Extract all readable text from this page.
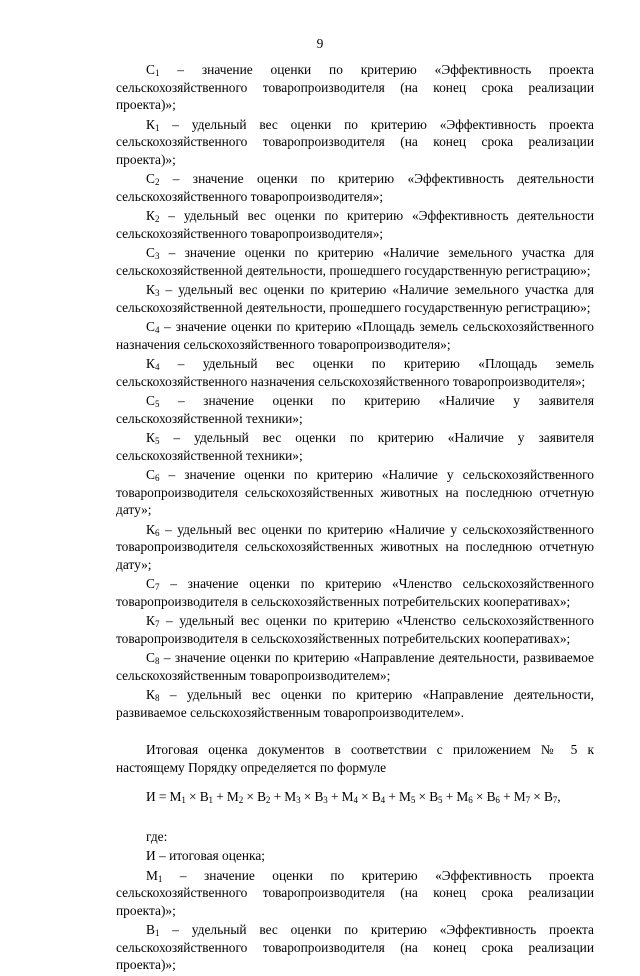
9

$С_1$ – значение оценки по критерию «Эффективность проекта сельскохозяйственного товаропроизводителя (на конец срока реализации проекта)»;

$К_1$ – удельный вес оценки по критерию «Эффективность проекта сельскохозяйственного товаропроизводителя (на конец срока реализации проекта)»;

$С_2$ – значение оценки по критерию «Эффективность деятельности сельскохозяйственного товаропроизводителя»;

$К_2$ – удельный вес оценки по критерию «Эффективность деятельности сельскохозяйственного товаропроизводителя»;

$С_3$ – значение оценки по критерию «Наличие земельного участка для сельскохозяйственной деятельности, прошедшего государственную регистрацию»;

$К_3$ – удельный вес оценки по критерию «Наличие земельного участка для сельскохозяйственной деятельности, прошедшего государственную регистрацию»;

$С_4$ – значение оценки по критерию «Площадь земель сельскохозяйственного назначения сельскохозяйственного товаропроизводителя»;

$К_4$ – удельный вес оценки по критерию «Площадь земель сельскохозяйственного назначения сельскохозяйственного товаропроизводителя»;

$С_5$ – значение оценки по критерию «Наличие у заявителя сельскохозяйственной техники»;

$К_5$ – удельный вес оценки по критерию «Наличие у заявителя сельскохозяйственной техники»;

$С_6$ – значение оценки по критерию «Наличие у сельскохозяйственного товаропроизводителя сельскохозяйственных животных на последнюю отчетную дату»;

$К_6$ – удельный вес оценки по критерию «Наличие у сельскохозяйственного товаропроизводителя сельскохозяйственных животных на последнюю отчетную дату»;

$С_7$ – значение оценки по критерию «Членство сельскохозяйственного товаропроизводителя в сельскохозяйственных потребительских кооперативах»;

$К_7$ – удельный вес оценки по критерию «Членство сельскохозяйственного товаропроизводителя в сельскохозяйственных потребительских кооперативах»;

$С_8$ – значение оценки по критерию «Направление деятельности, развиваемое сельскохозяйственным товаропроизводителем»;

$К_8$ – удельный вес оценки по критерию «Направление деятельности, развиваемое сельскохозяйственным товаропроизводителем».

Итоговая оценка документов в соответствии с приложением № 5 к настоящему Порядку определяется по формуле

$И = М_1 \times В_1 + М_2 \times В_2 + М_3 \times В_3 + М_4 \times В_4 + М_5 \times В_5 + М_6 \times В_6 + М_7 \times В_7$,

где:

И – итоговая оценка;

$М_1$ – значение оценки по критерию «Эффективность проекта сельскохозяйственного товаропроизводителя (на конец срока реализации проекта)»;

$В_1$ – удельный вес оценки по критерию «Эффективность проекта сельскохозяйственного товаропроизводителя (на конец срока реализации проекта)»;
